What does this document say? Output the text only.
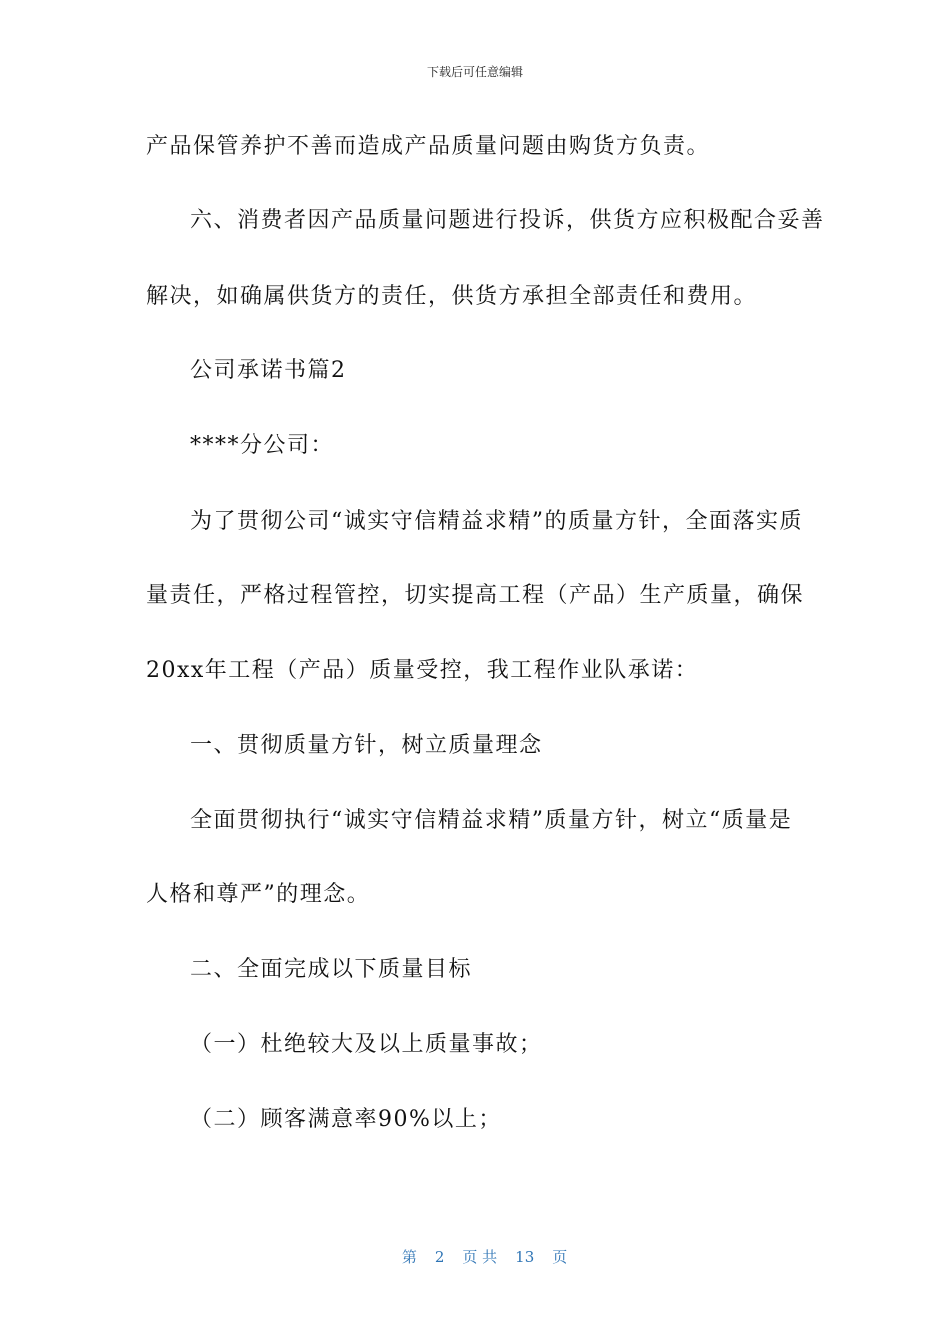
下载后可任意编辑
产品保管养护不善而造成产品质量问题由购货方负责。
六、消费者因产品质量问题进行投诉，供货方应积极配合妥善
解决，如确属供货方的责任，供货方承担全部责任和费用。
公司承诺书篇2
****分公司：
为了贯彻公司“诚实守信精益求精”的质量方针，全面落实质
量责任，严格过程管控，切实提高工程（产品）生产质量，确保
20xx年工程（产品）质量受控，我工程作业队承诺：
一、贯彻质量方针，树立质量理念
全面贯彻执行“诚实守信精益求精”质量方针，树立“质量是
人格和尊严”的理念。
二、全面完成以下质量目标
（一）杜绝较大及以上质量事故；
（二）顾客满意率90%以上；

第 2 页 共 13 页
